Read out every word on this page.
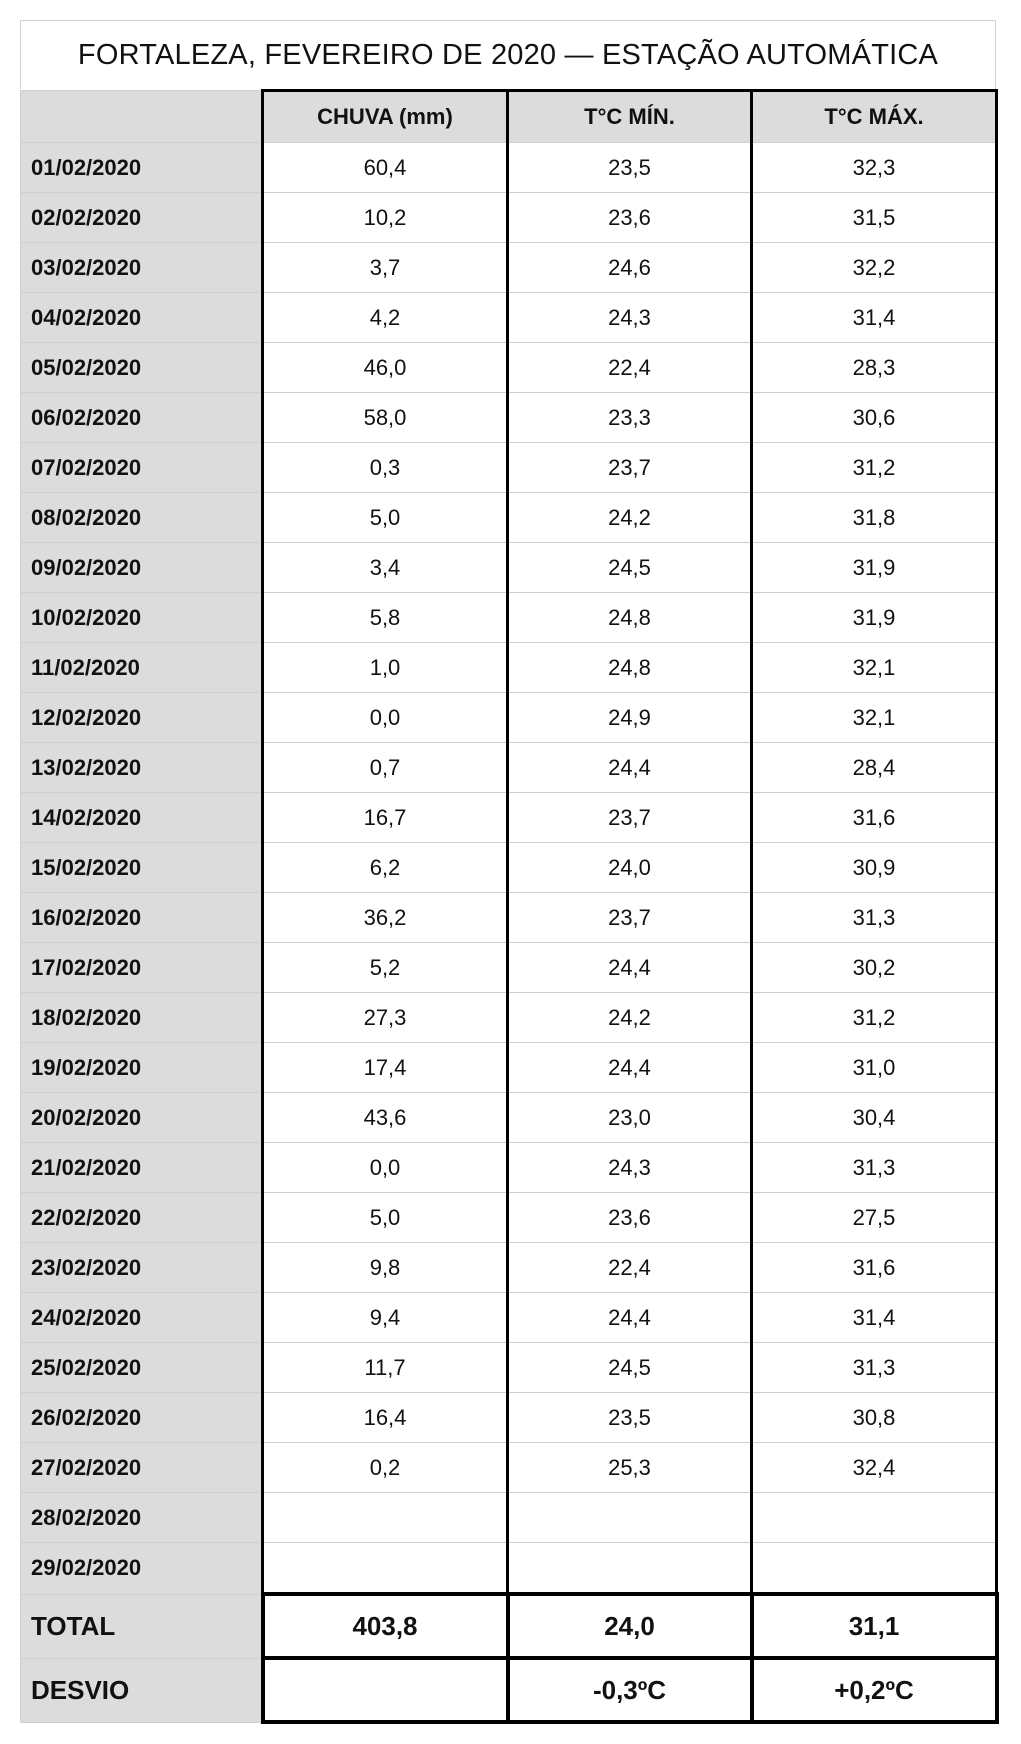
FORTALEZA, FEVEREIRO DE 2020 — ESTAÇÃO AUTOMÁTICA
	CHUVA (mm)	T°C MÍN.	T°C MÁX.
01/02/2020	60,4	23,5	32,3
02/02/2020	10,2	23,6	31,5
03/02/2020	3,7	24,6	32,2
04/02/2020	4,2	24,3	31,4
05/02/2020	46,0	22,4	28,3
06/02/2020	58,0	23,3	30,6
07/02/2020	0,3	23,7	31,2
08/02/2020	5,0	24,2	31,8
09/02/2020	3,4	24,5	31,9
10/02/2020	5,8	24,8	31,9
11/02/2020	1,0	24,8	32,1
12/02/2020	0,0	24,9	32,1
13/02/2020	0,7	24,4	28,4
14/02/2020	16,7	23,7	31,6
15/02/2020	6,2	24,0	30,9
16/02/2020	36,2	23,7	31,3
17/02/2020	5,2	24,4	30,2
18/02/2020	27,3	24,2	31,2
19/02/2020	17,4	24,4	31,0
20/02/2020	43,6	23,0	30,4
21/02/2020	0,0	24,3	31,3
22/02/2020	5,0	23,6	27,5
23/02/2020	9,8	22,4	31,6
24/02/2020	9,4	24,4	31,4
25/02/2020	11,7	24,5	31,3
26/02/2020	16,4	23,5	30,8
27/02/2020	0,2	25,3	32,4
28/02/2020			
29/02/2020			
TOTAL	403,8	24,0	31,1
DESVIO		-0,3ºC	+0,2ºC
